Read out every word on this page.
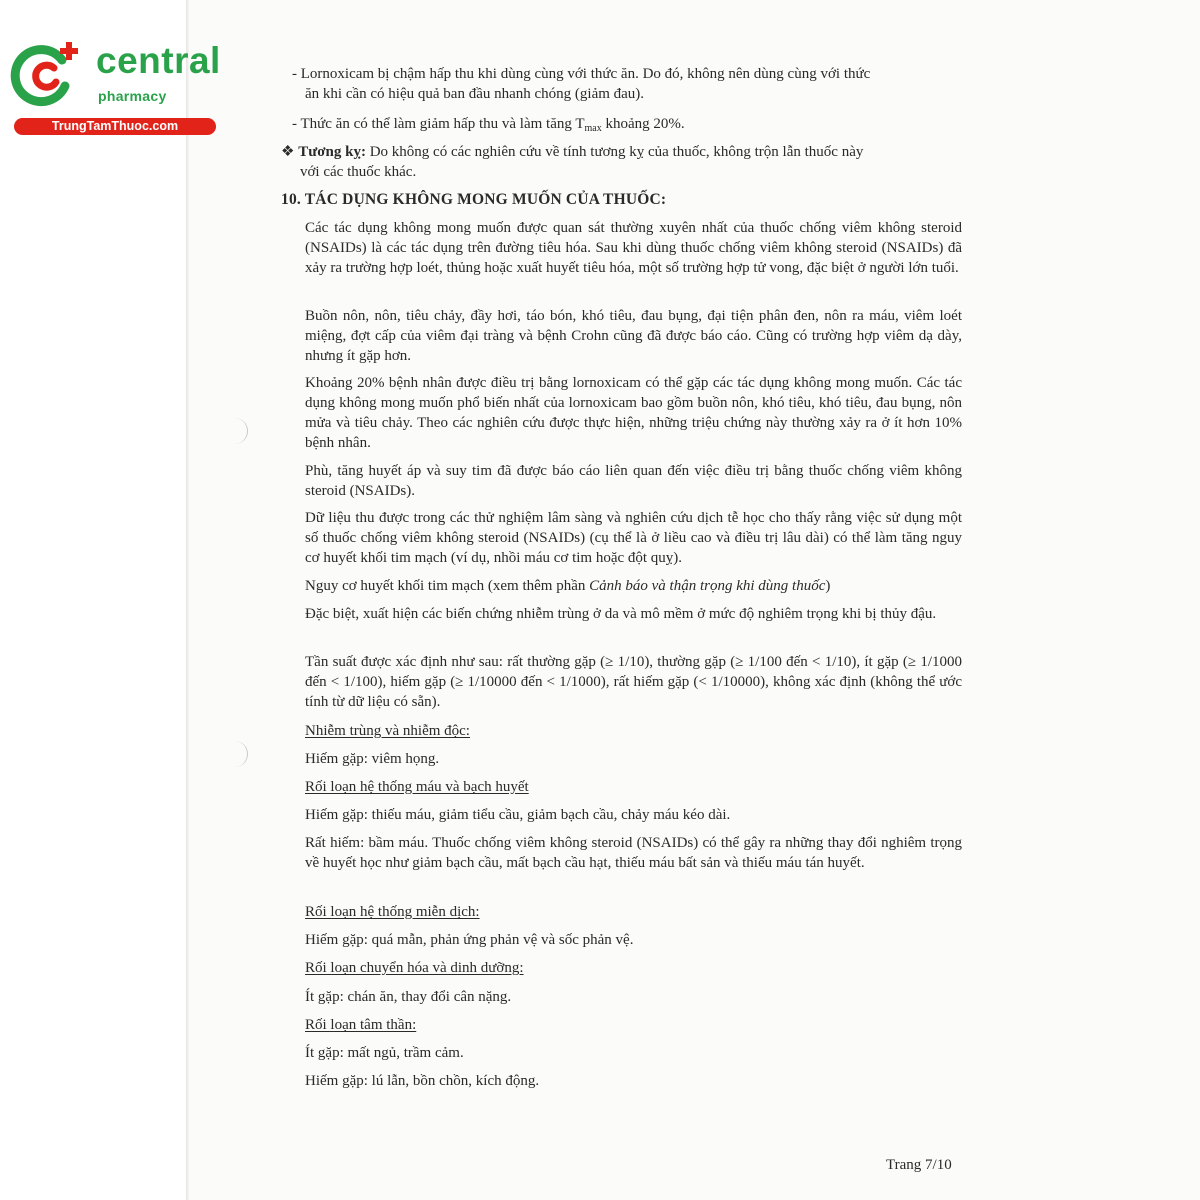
central
pharmacy
TrungTamThuoc.com
- Lornoxicam bị chậm hấp thu khi dùng cùng với thức ăn. Do đó, không nên dùng cùng với thức
ăn khi cần có hiệu quả ban đầu nhanh chóng (giảm đau).
- Thức ăn có thể làm giảm hấp thu và làm tăng $T_{max}$ khoảng 20%.
❖ Tương kỵ: Do không có các nghiên cứu về tính tương kỵ của thuốc, không trộn lẫn thuốc này
với các thuốc khác.
10. TÁC DỤNG KHÔNG MONG MUỐN CỦA THUỐC:
Các tác dụng không mong muốn được quan sát thường xuyên nhất của thuốc chống viêm không steroid (NSAIDs) là các tác dụng trên đường tiêu hóa. Sau khi dùng thuốc chống viêm không steroid (NSAIDs) đã xảy ra trường hợp loét, thủng hoặc xuất huyết tiêu hóa, một số trường hợp tử vong, đặc biệt ở người lớn tuổi.
Buồn nôn, nôn, tiêu chảy, đầy hơi, táo bón, khó tiêu, đau bụng, đại tiện phân đen, nôn ra máu, viêm loét miệng, đợt cấp của viêm đại tràng và bệnh Crohn cũng đã được báo cáo. Cũng có trường hợp viêm dạ dày, nhưng ít gặp hơn.
Khoảng 20% bệnh nhân được điều trị bằng lornoxicam có thể gặp các tác dụng không mong muốn. Các tác dụng không mong muốn phổ biến nhất của lornoxicam bao gồm buồn nôn, khó tiêu, khó tiêu, đau bụng, nôn mửa và tiêu chảy. Theo các nghiên cứu được thực hiện, những triệu chứng này thường xảy ra ở ít hơn 10% bệnh nhân.
Phù, tăng huyết áp và suy tim đã được báo cáo liên quan đến việc điều trị bằng thuốc chống viêm không steroid (NSAIDs).
Dữ liệu thu được trong các thử nghiệm lâm sàng và nghiên cứu dịch tễ học cho thấy rằng việc sử dụng một số thuốc chống viêm không steroid (NSAIDs) (cụ thể là ở liều cao và điều trị lâu dài) có thể làm tăng nguy cơ huyết khối tim mạch (ví dụ, nhồi máu cơ tim hoặc đột quỵ).
Nguy cơ huyết khối tim mạch (xem thêm phần Cảnh báo và thận trọng khi dùng thuốc)
Đặc biệt, xuất hiện các biến chứng nhiễm trùng ở da và mô mềm ở mức độ nghiêm trọng khi bị thủy đậu.
Tần suất được xác định như sau: rất thường gặp (≥ 1/10), thường gặp (≥ 1/100 đến < 1/10), ít gặp (≥ 1/1000 đến < 1/100), hiếm gặp (≥ 1/10000 đến < 1/1000), rất hiếm gặp (< 1/10000), không xác định (không thể ước tính từ dữ liệu có sẵn).
Nhiễm trùng và nhiễm độc:
Hiếm gặp: viêm họng.
Rối loạn hệ thống máu và bạch huyết
Hiếm gặp: thiếu máu, giảm tiểu cầu, giảm bạch cầu, chảy máu kéo dài.
Rất hiếm: bầm máu. Thuốc chống viêm không steroid (NSAIDs) có thể gây ra những thay đổi nghiêm trọng về huyết học như giảm bạch cầu, mất bạch cầu hạt, thiếu máu bất sản và thiếu máu tán huyết.
Rối loạn hệ thống miễn dịch:
Hiếm gặp: quá mẫn, phản ứng phản vệ và sốc phản vệ.
Rối loạn chuyển hóa và dinh dưỡng:
Ít gặp: chán ăn, thay đổi cân nặng.
Rối loạn tâm thần:
Ít gặp: mất ngủ, trầm cảm.
Hiếm gặp: lú lẫn, bồn chồn, kích động.
Trang 7/10
